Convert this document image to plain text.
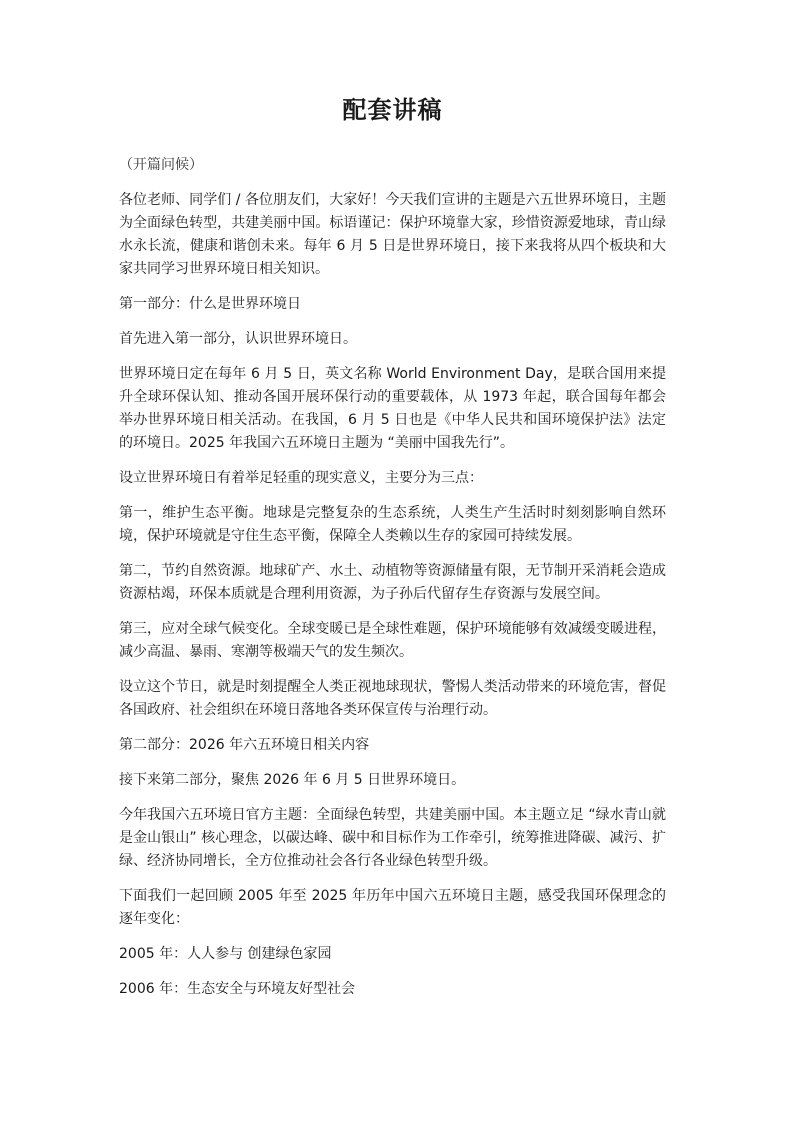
配套讲稿
（开篇问候）
各位老师、同学们 / 各位朋友们，大家好！今天我们宣讲的主题是六五世界环境日，主题为全面绿色转型，共建美丽中国。标语谨记：保护环境靠大家，珍惜资源爱地球，青山绿水永长流，健康和谐创未来。每年 6 月 5 日是世界环境日，接下来我将从四个板块和大家共同学习世界环境日相关知识。
第一部分：什么是世界环境日
首先进入第一部分，认识世界环境日。
世界环境日定在每年 6 月 5 日，英文名称 World Environment Day，是联合国用来提升全球环保认知、推动各国开展环保行动的重要载体，从 1973 年起，联合国每年都会举办世界环境日相关活动。在我国，6 月 5 日也是《中华人民共和国环境保护法》法定的环境日。2025 年我国六五环境日主题为 “美丽中国我先行”。
设立世界环境日有着举足轻重的现实意义，主要分为三点：
第一，维护生态平衡。地球是完整复杂的生态系统，人类生产生活时时刻刻影响自然环境，保护环境就是守住生态平衡，保障全人类赖以生存的家园可持续发展。
第二，节约自然资源。地球矿产、水土、动植物等资源储量有限，无节制开采消耗会造成资源枯竭，环保本质就是合理利用资源，为子孙后代留存生存资源与发展空间。
第三，应对全球气候变化。全球变暖已是全球性难题，保护环境能够有效减缓变暖进程，减少高温、暴雨、寒潮等极端天气的发生频次。
设立这个节日，就是时刻提醒全人类正视地球现状，警惕人类活动带来的环境危害，督促各国政府、社会组织在环境日落地各类环保宣传与治理行动。
第二部分：2026 年六五环境日相关内容
接下来第二部分，聚焦 2026 年 6 月 5 日世界环境日。
今年我国六五环境日官方主题：全面绿色转型，共建美丽中国。本主题立足 “绿水青山就是金山银山” 核心理念，以碳达峰、碳中和目标作为工作牵引，统筹推进降碳、减污、扩绿、经济协同增长，全方位推动社会各行各业绿色转型升级。
下面我们一起回顾 2005 年至 2025 年历年中国六五环境日主题，感受我国环保理念的逐年变化：
2005 年：人人参与 创建绿色家园
2006 年：生态安全与环境友好型社会
